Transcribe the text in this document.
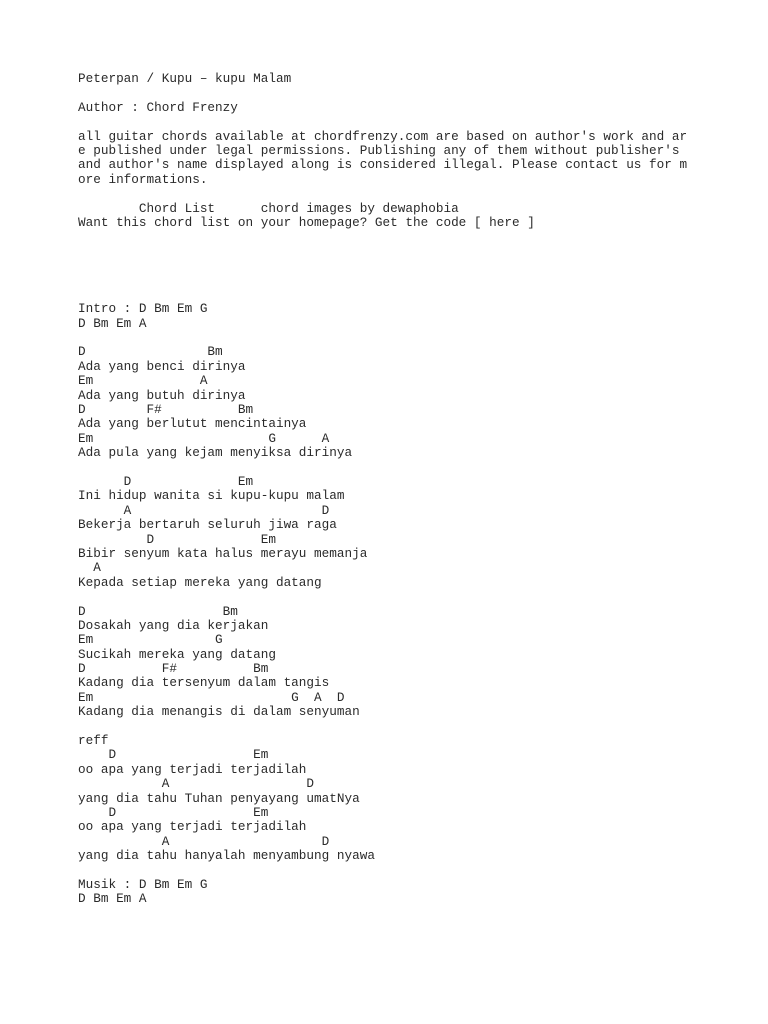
Peterpan / Kupu – kupu Malam
Author : Chord Frenzy
all guitar chords available at chordfrenzy.com are based on author's work and ar
e published under legal permissions. Publishing any of them without publisher's
and author's name displayed along is considered illegal. Please contact us for m
ore informations.
Chord List      chord images by dewaphobia
Want this chord list on your homepage? Get the code [ here ]
Intro : D Bm Em G
D Bm Em A
D                Bm
Ada yang benci dirinya
Em              A
Ada yang butuh dirinya
D        F#          Bm
Ada yang berlutut mencintainya
Em                       G      A
Ada pula yang kejam menyiksa dirinya
D              Em
Ini hidup wanita si kupu-kupu malam
A                         D
Bekerja bertaruh seluruh jiwa raga
D              Em
Bibir senyum kata halus merayu memanja
A
Kepada setiap mereka yang datang
D                  Bm
Dosakah yang dia kerjakan
Em                G
Sucikah mereka yang datang
D          F#          Bm
Kadang dia tersenyum dalam tangis
Em                          G  A  D
Kadang dia menangis di dalam senyuman
reff
D                  Em
oo apa yang terjadi terjadilah
A                  D
yang dia tahu Tuhan penyayang umatNya
D                  Em
oo apa yang terjadi terjadilah
A                    D
yang dia tahu hanyalah menyambung nyawa
Musik : D Bm Em G
D Bm Em A
